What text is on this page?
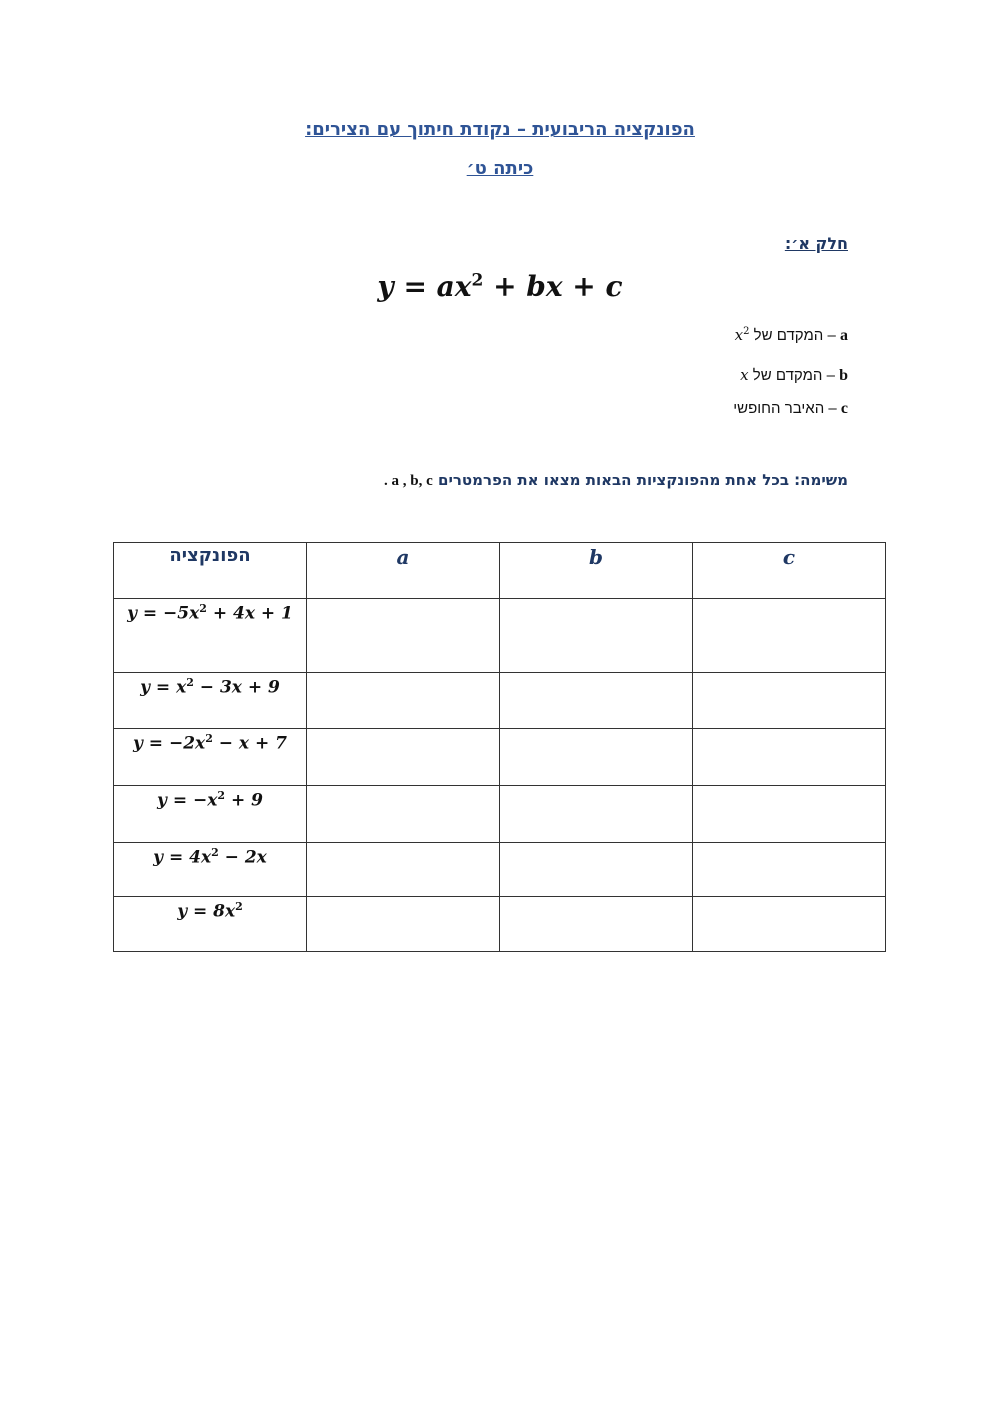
הפונקציה הריבועית – נקודת חיתוך עם הצירים:
כיתה ט׳
חלק א׳:
$y = ax^2$ + bx + c
a – המקדם של $x^2$
b – המקדם של x
c – האיבר החופשי
משימה: בכל אחת מהפונקציות הבאות מצאו את הפרמטרים . a , b, c
הפונקציה	a	b	c
$y = -5x^2 + 4x + 1$			
$y = x^2 - 3x + 9$			
$y = -2x^2 - x + 7$			
$y = -x^2 + 9$			
$y = 4x^2 - 2x$			
$y = 8x^2$			
